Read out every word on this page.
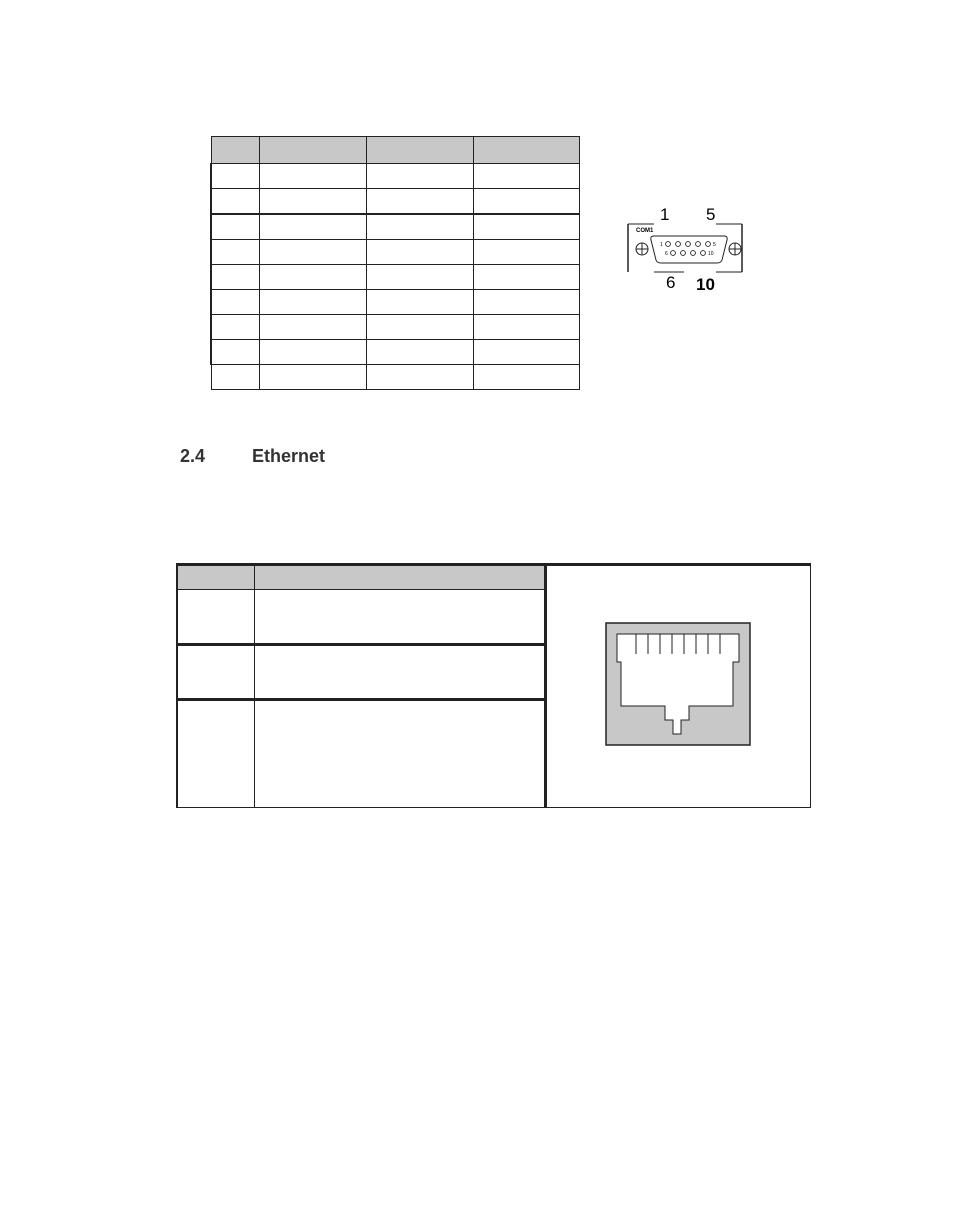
COM1
1 5
6 10
1	5
6	10
2.4	Ethernet
